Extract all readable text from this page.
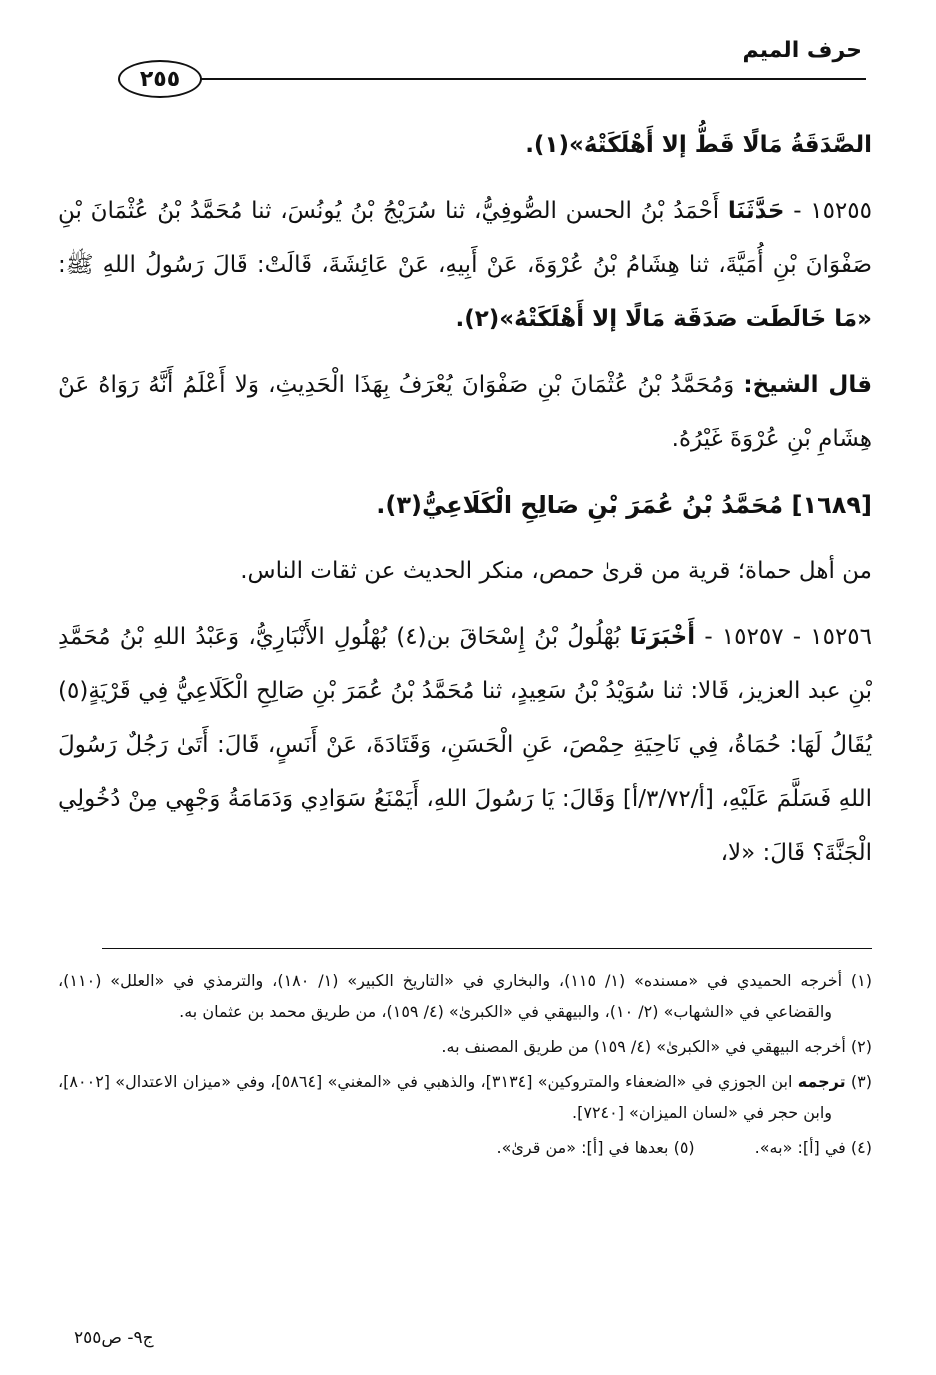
حرف الميم
٢٥٥

الصَّدَقَةُ مَالًا قَطُّ إلا أَهْلَكَتْهُ»(١).

١٥٢٥٥ - حَدَّثَنَا أَحْمَدُ بْنُ الحسن الصُّوفِيُّ، ثنا سُرَيْجُ بْنُ يُونُسَ، ثنا مُحَمَّدُ بْنُ عُثْمَانَ بْنِ صَفْوَانَ بْنِ أُمَيَّةَ، ثنا هِشَامُ بْنُ عُرْوَةَ، عَنْ أَبِيهِ، عَنْ عَائِشَةَ، قَالَتْ: قَالَ رَسُولُ اللهِ ﷺ: «مَا خَالَطَت صَدَقَة مَالًا إلا أَهْلَكَتْهُ»(٢).

قال الشيخ: وَمُحَمَّدُ بْنُ عُثْمَانَ بْنِ صَفْوَانَ يُعْرَفُ بِهَذَا الْحَدِيثِ، وَلا أَعْلَمُ أَنَّهُ رَوَاهُ عَنْ هِشَامِ بْنِ عُرْوَةَ غَيْرُهُ.

[١٦٨٩] مُحَمَّدُ بْنُ عُمَرَ بْنِ صَالِحِ الْكَلَاعِيُّ(٣).

من أهل حماة؛ قرية من قرىٰ حمص، منكر الحديث عن ثقات الناس.

١٥٢٥٦ - ١٥٢٥٧ - أَخْبَرَنَا بُهْلُولُ بْنُ إِسْحَاقَ بن(٤) بُهْلُولِ الأَنْبَارِيُّ، وَعَبْدُ اللهِ بْنُ مُحَمَّدِ بْنِ عبد العزيز، قَالا: ثنا سُوَيْدُ بْنُ سَعِيدٍ، ثنا مُحَمَّدُ بْنُ عُمَرَ بْنِ صَالِحِ الْكَلَاعِيُّ فِي قَرْيَةٍ(٥) يُقَالُ لَهَا: حُمَاةُ، فِي نَاحِيَةِ حِمْصَ، عَنِ الْحَسَنِ، وَقَتَادَةَ، عَنْ أَنَسٍ، قَالَ: أَتَىٰ رَجُلٌ رَسُولَ اللهِ فَسَلَّمَ عَلَيْهِ، [أ/٣/٧٢/أ] وَقَالَ: يَا رَسُولَ اللهِ، أَيَمْنَعُ سَوَادِي وَدَمَامَةُ وَجْهِي مِنْ دُخُولِي الْجَنَّةَ؟ قَالَ: «لا،

(١) أخرجه الحميدي في «مسنده» (١/ ١١٥)، والبخاري في «التاريخ الكبير» (١/ ١٨٠)، والترمذي في «العلل» (١١٠)، والقضاعي في «الشهاب» (٢/ ١٠)، والبيهقي في «الكبرىٰ» (٤/ ١٥٩)، من طريق محمد بن عثمان به.

(٢) أخرجه البيهقي في «الكبرىٰ» (٤/ ١٥٩) من طريق المصنف به.

(٣) ترجمه ابن الجوزي في «الضعفاء والمتروكين» [٣١٣٤]، والذهبي في «المغني» [٥٨٦٤]، وفي «ميزان الاعتدال» [٨٠٠٢]، وابن حجر في «لسان الميزان» [٧٢٤٠].

(٤) في [أ]: «به».

(٥) بعدها في [أ]: «من قرىٰ».

ج٩- ص٢٥٥
